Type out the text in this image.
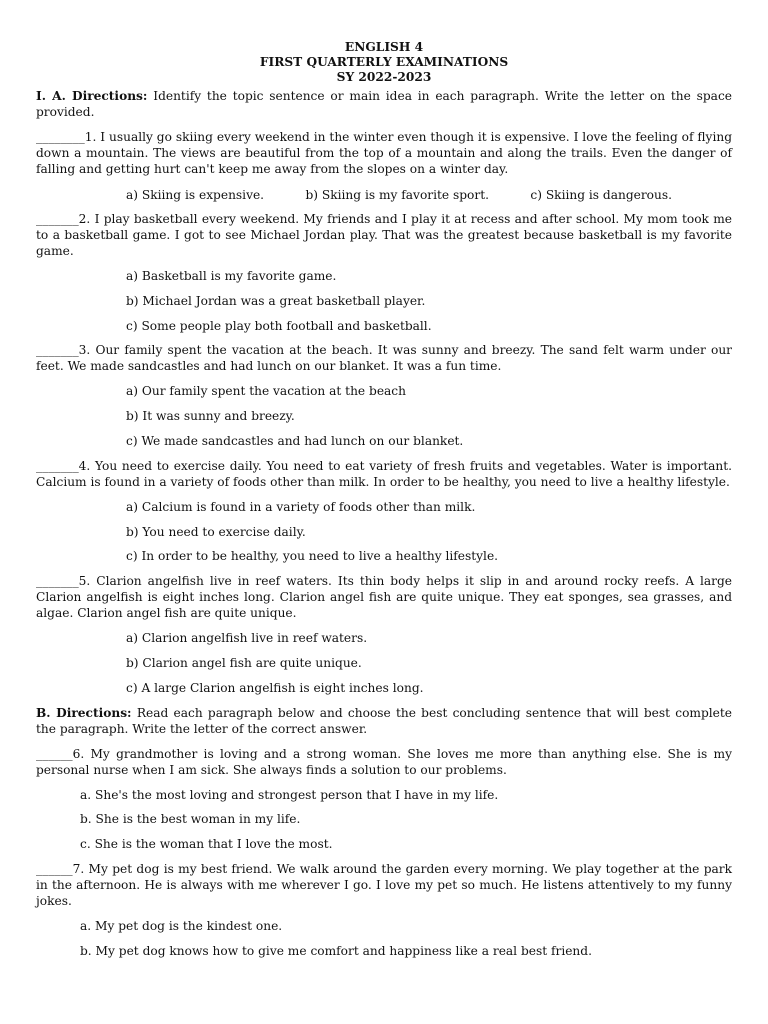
ENGLISH 4
FIRST QUARTERLY EXAMINATIONS
SY 2022-2023

I. A. Directions: Identify the topic sentence or main idea in each paragraph. Write the letter on the space provided.

________1. I usually go skiing every weekend in the winter even though it is expensive. I love the feeling of flying down a mountain. The views are beautiful from the top of a mountain and along the trails. Even the danger of falling and getting hurt can't keep me away from the slopes on a winter day.

a) Skiing is expensive.	b) Skiing is my favorite sport.	c) Skiing is dangerous.

_______2. I play basketball every weekend. My friends and I play it at recess and after school. My mom took me to a basketball game. I got to see Michael Jordan play. That was the greatest because basketball is my favorite game.

a) Basketball is my favorite game.
b) Michael Jordan was a great basketball player.
c) Some people play both football and basketball.

_______3. Our family spent the vacation at the beach. It was sunny and breezy. The sand felt warm under our feet. We made sandcastles and had lunch on our blanket. It was a fun time.

a) Our family spent the vacation at the beach
b) It was sunny and breezy.
c) We made sandcastles and had lunch on our blanket.

_______4. You need to exercise daily. You need to eat variety of fresh fruits and vegetables. Water is important. Calcium is found in a variety of foods other than milk. In order to be healthy, you need to live a healthy lifestyle.

a) Calcium is found in a variety of foods other than milk.
b) You need to exercise daily.
c) In order to be healthy, you need to live a healthy lifestyle.

_______5. Clarion angelfish live in reef waters. Its thin body helps it slip in and around rocky reefs. A large Clarion angelfish is eight inches long. Clarion angel fish are quite unique. They eat sponges, sea grasses, and algae. Clarion angel fish are quite unique.

a) Clarion angelfish live in reef waters.
b) Clarion angel fish are quite unique.
c) A large Clarion angelfish is eight inches long.

B. Directions: Read each paragraph below and choose the best concluding sentence that will best complete the paragraph. Write the letter of the correct answer.

______6. My grandmother is loving and a strong woman. She loves me more than anything else. She is my personal nurse when I am sick. She always finds a solution to our problems.

a. She's the most loving and strongest person that I have in my life.
b. She is the best woman in my life.
c. She is the woman that I love the most.

______7. My pet dog is my best friend. We walk around the garden every morning. We play together at the park in the afternoon. He is always with me wherever I go. I love my pet so much. He listens attentively to my funny jokes.

a. My pet dog is the kindest one.
b. My pet dog knows how to give me comfort and happiness like a real best friend.
